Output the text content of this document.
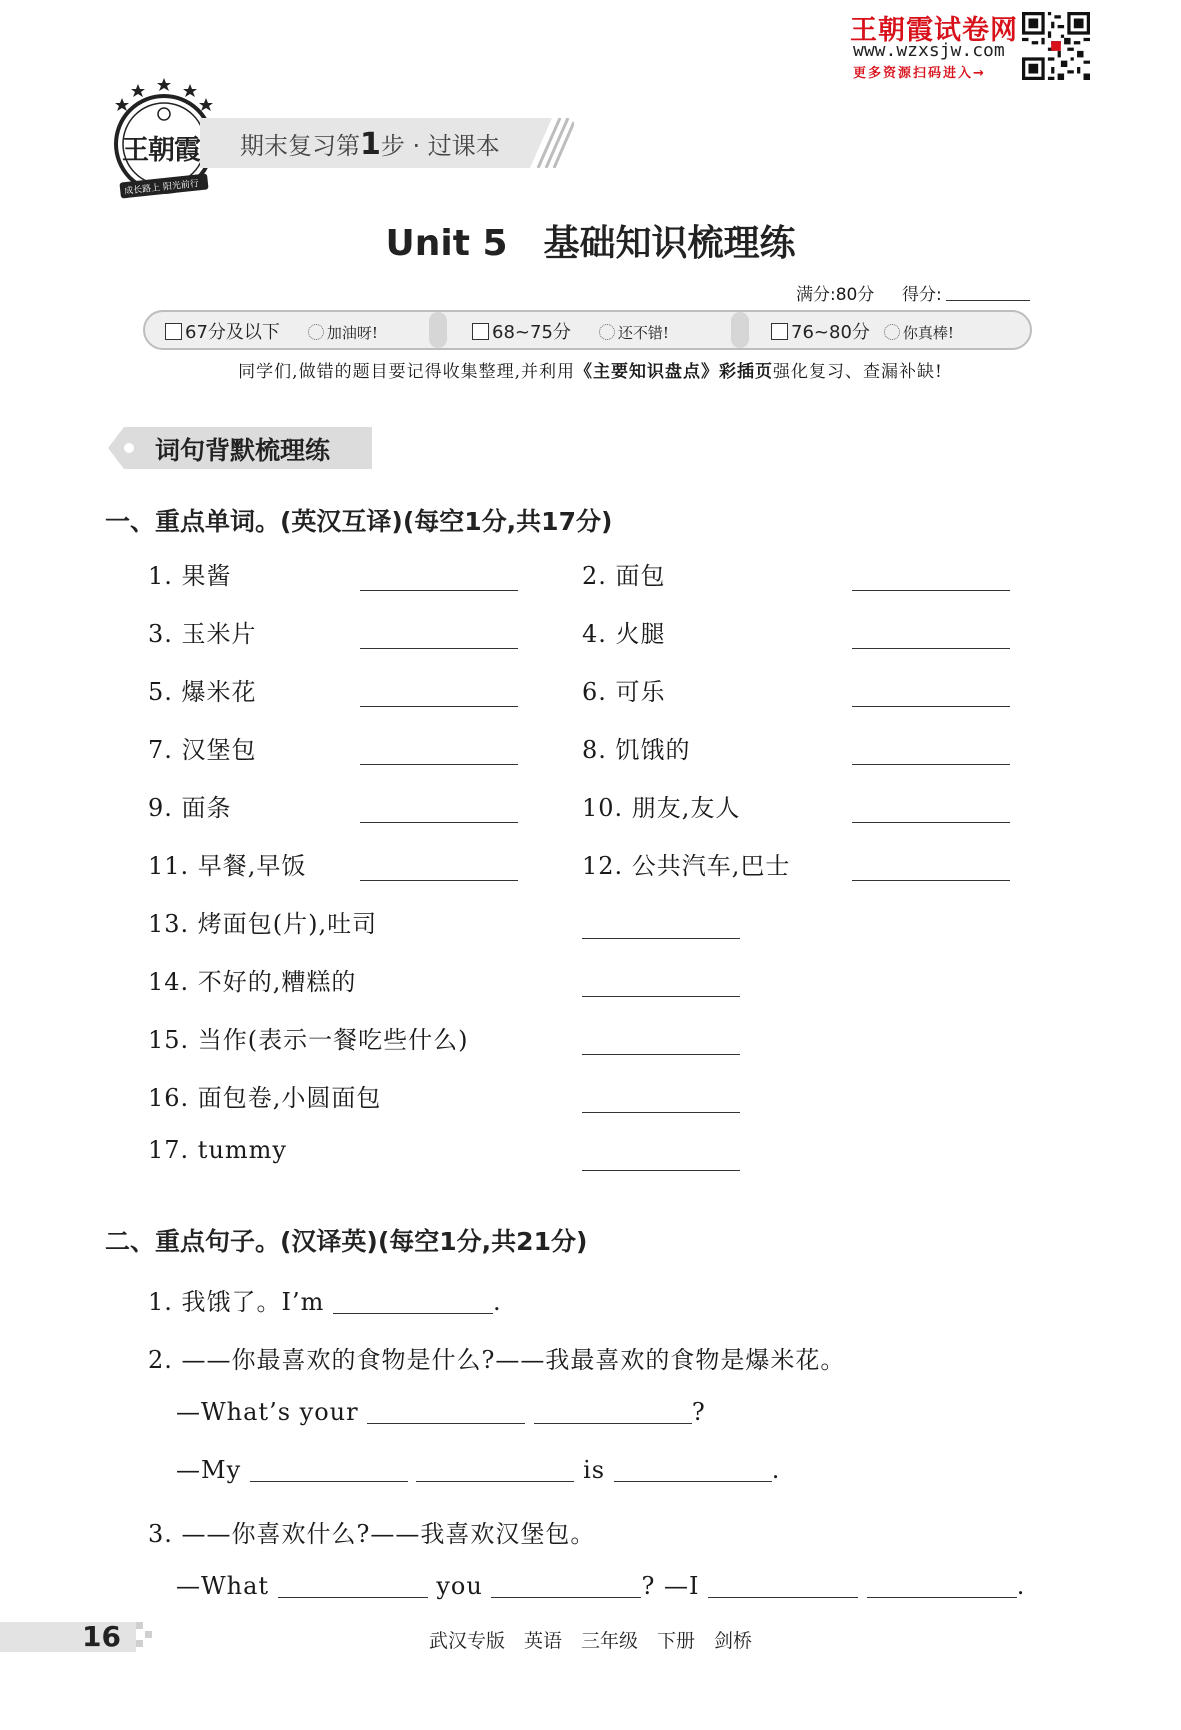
王朝霞试卷网
www.wzxsjw.com
更多资源扫码进入→
王朝霞
成长路上 阳光前行
期末复习第1步 · 过课本
Unit 5　基础知识梳理练
满分:80分 得分:
67分及以下	加油呀!	68~75分	还不错!	76~80分 你真棒!
同学们,做错的题目要记得收集整理,并利用《主要知识盘点》彩插页强化复习、查漏补缺!
词句背默梳理练
一、重点单词。(英汉互译)(每空1分,共17分)
1. 果酱	2. 面包
3. 玉米片	4. 火腿
5. 爆米花	6. 可乐
7. 汉堡包	8. 饥饿的
9. 面条	10. 朋友,友人
11. 早餐,早饭	12. 公共汽车,巴士
13. 烤面包(片),吐司
14. 不好的,糟糕的
15. 当作(表示一餐吃些什么)
16. 面包卷,小圆面包
17. tummy
二、重点句子。(汉译英)(每空1分,共21分)
1. 我饿了。I’m	.
2. ——你最喜欢的食物是什么?——我最喜欢的食物是爆米花。
—What’s your	?
—My	is	.
3. ——你喜欢什么?——我喜欢汉堡包。
—What	you	? —I	.
16	武汉专版　英语　三年级　下册　剑桥
